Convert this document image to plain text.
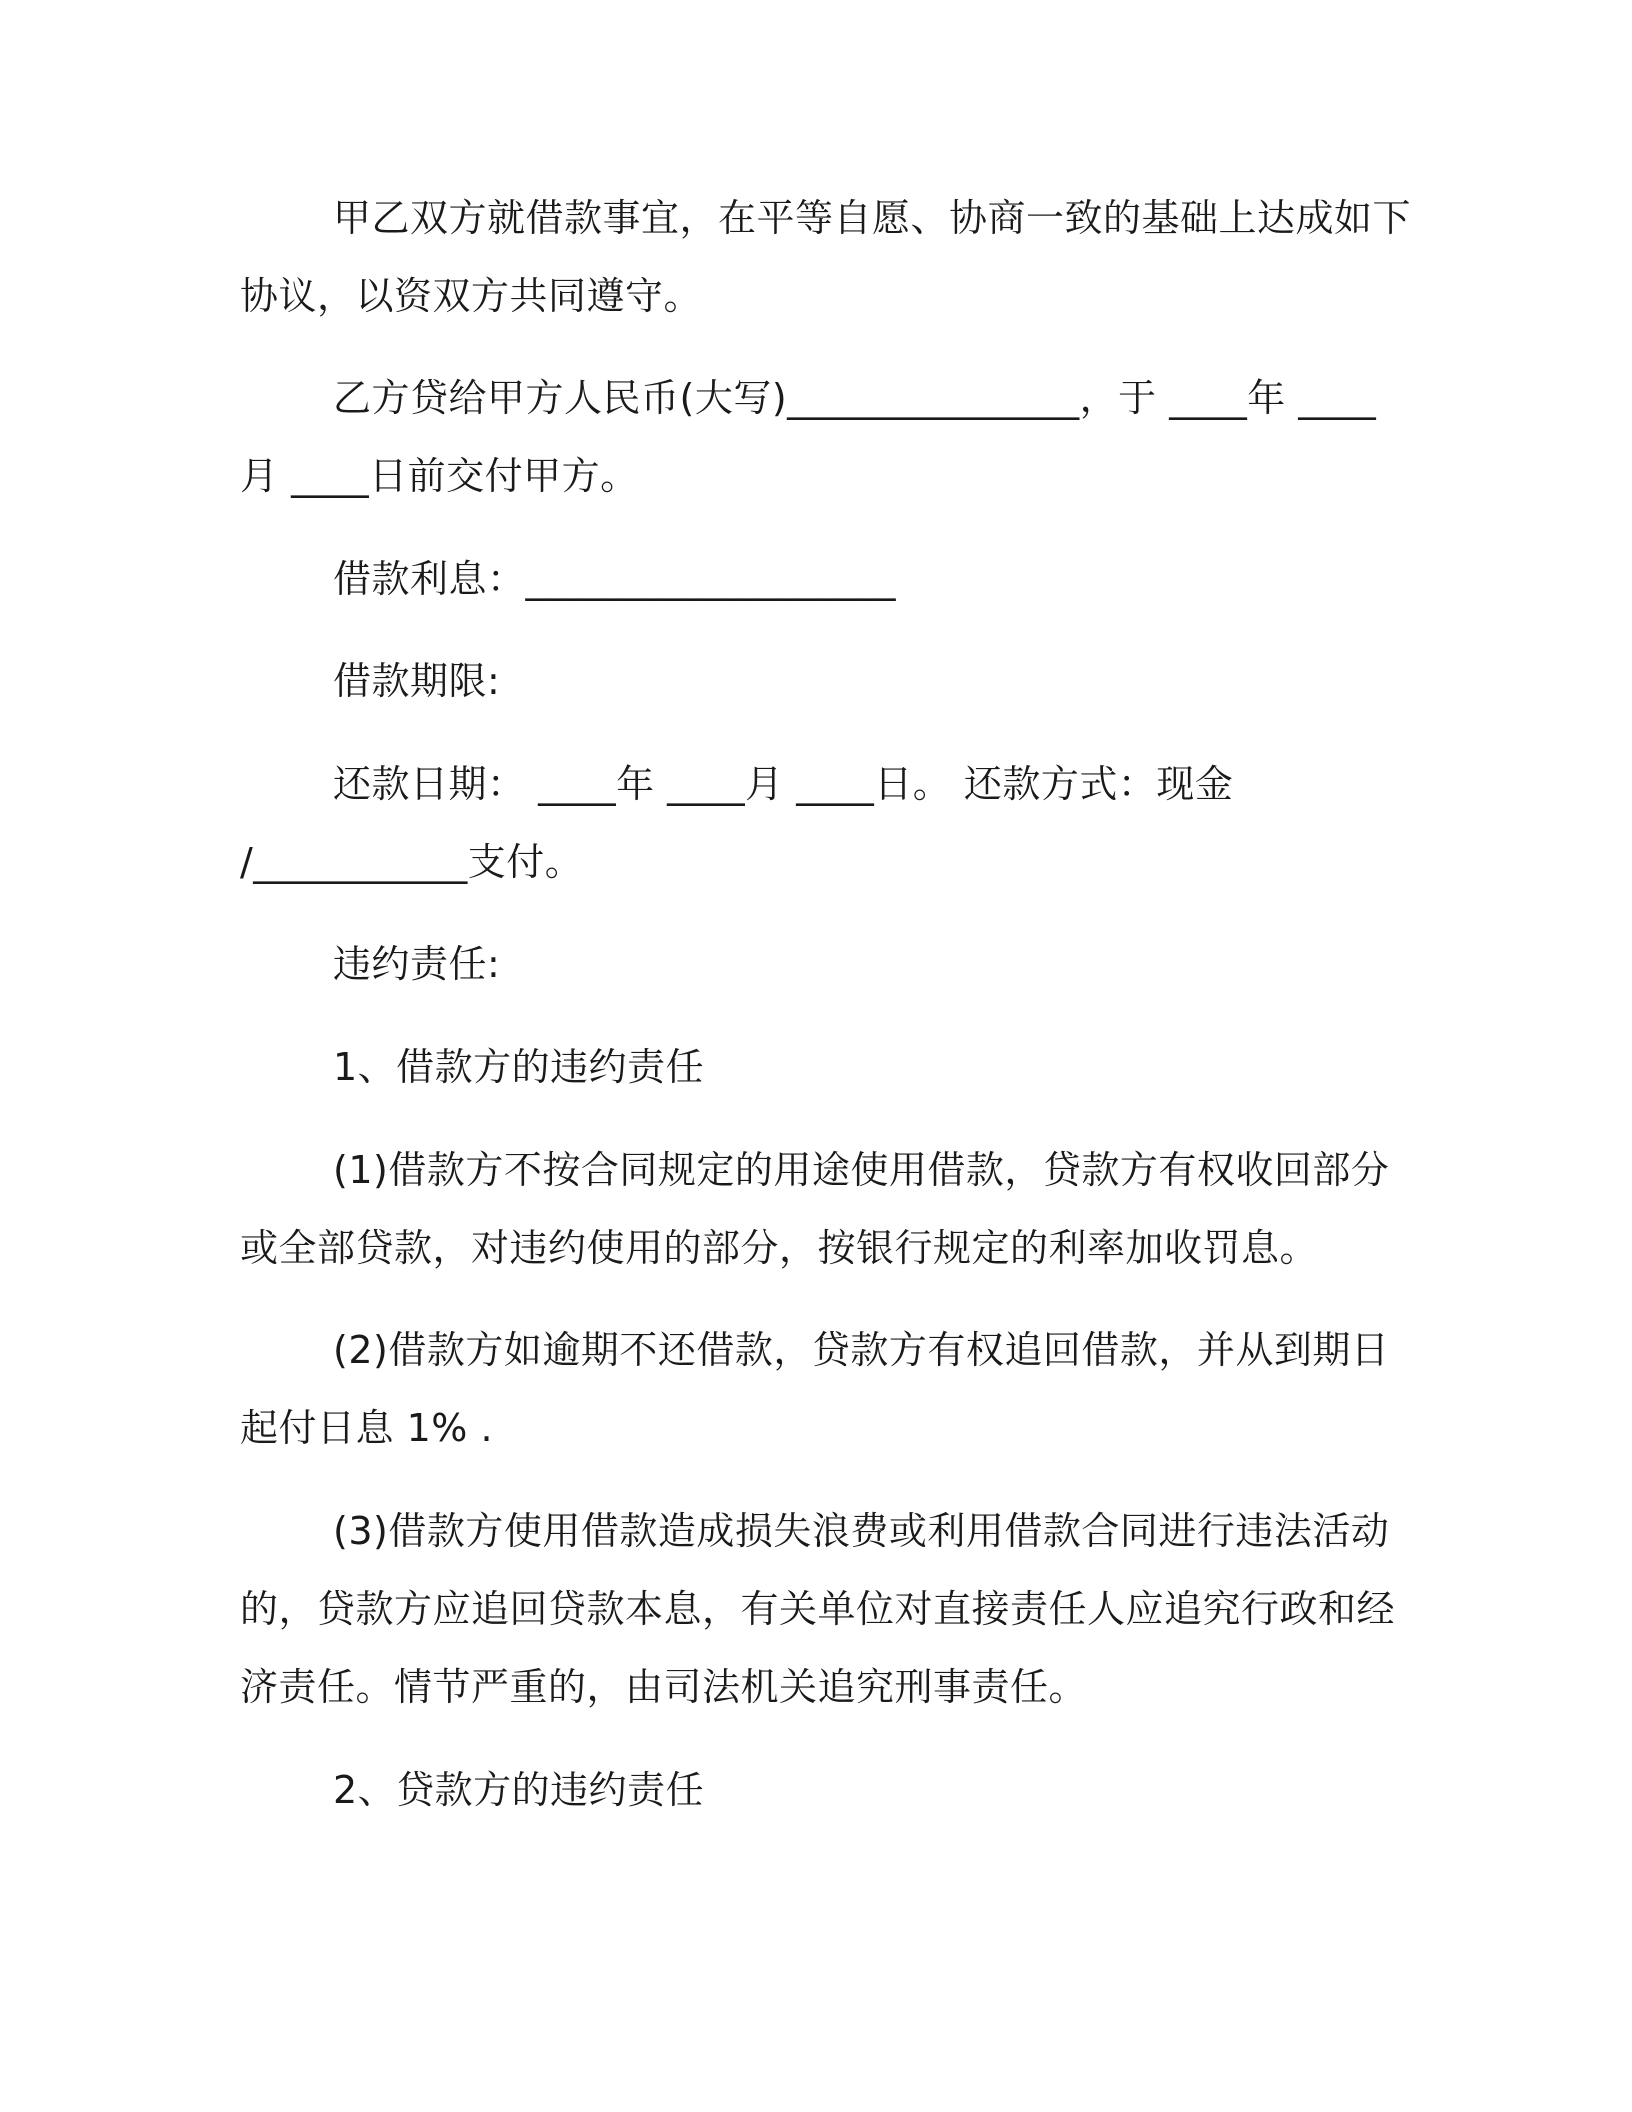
甲乙双方就借款事宜，在平等自愿、协商一致的基础上达成如下
协议，以资双方共同遵守。
乙方贷给甲方人民币(大写)_______________，于 ____年 ____
月 ____日前交付甲方。
借款利息：___________________
借款期限:
还款日期： ____年 ____月 ____日。 还款方式：现金
/___________支付。
违约责任:
1、借款方的违约责任
(1)借款方不按合同规定的用途使用借款，贷款方有权收回部分
或全部贷款，对违约使用的部分，按银行规定的利率加收罚息。
(2)借款方如逾期不还借款，贷款方有权追回借款，并从到期日
起付日息 1% .
(3)借款方使用借款造成损失浪费或利用借款合同进行违法活动
的，贷款方应追回贷款本息，有关单位对直接责任人应追究行政和经
济责任。情节严重的，由司法机关追究刑事责任。
2、贷款方的违约责任
